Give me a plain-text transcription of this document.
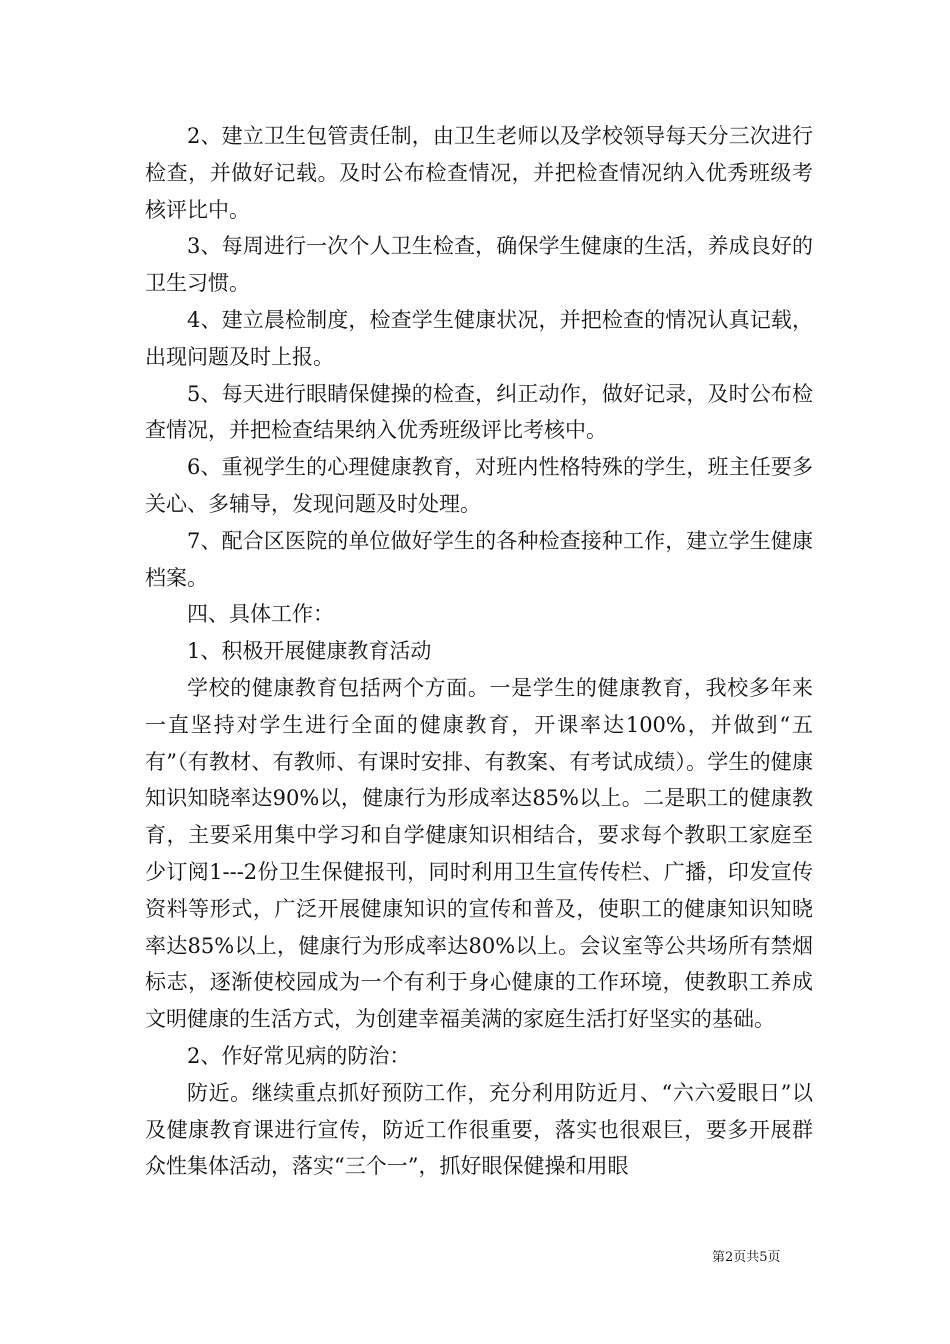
2、建立卫生包管责任制，由卫生老师以及学校领导每天分三次进行检查，并做好记载。及时公布检查情况，并把检查情况纳入优秀班级考核评比中。

3、每周进行一次个人卫生检查，确保学生健康的生活，养成良好的卫生习惯。

4、建立晨检制度，检查学生健康状况，并把检查的情况认真记载，出现问题及时上报。

5、每天进行眼睛保健操的检查，纠正动作，做好记录，及时公布检查情况，并把检查结果纳入优秀班级评比考核中。

6、重视学生的心理健康教育，对班内性格特殊的学生，班主任要多关心、多辅导，发现问题及时处理。

7、配合区医院的单位做好学生的各种检查接种工作，建立学生健康档案。

四、具体工作：

1、积极开展健康教育活动

学校的健康教育包括两个方面。一是学生的健康教育，我校多年来一直坚持对学生进行全面的健康教育，开课率达100%，并做到“五有”（有教材、有教师、有课时安排、有教案、有考试成绩）。学生的健康知识知晓率达90%以，健康行为形成率达85%以上。二是职工的健康教育，主要采用集中学习和自学健康知识相结合，要求每个教职工家庭至少订阅1---2份卫生保健报刊，同时利用卫生宣传传栏、广播，印发宣传资料等形式，广泛开展健康知识的宣传和普及，使职工的健康知识知晓率达85%以上，健康行为形成率达80%以上。会议室等公共场所有禁烟标志，逐渐使校园成为一个有利于身心健康的工作环境，使教职工养成文明健康的生活方式，为创建幸福美满的家庭生活打好坚实的基础。

2、作好常见病的防治：

防近。继续重点抓好预防工作，充分利用防近月、“六六爱眼日”以及健康教育课进行宣传，防近工作很重要，落实也很艰巨，要多开展群众性集体活动，落实“三个一”，抓好眼保健操和用眼

第2页共5页
